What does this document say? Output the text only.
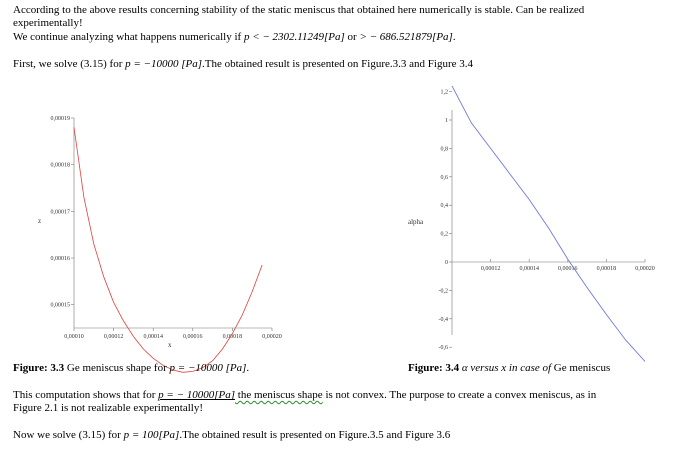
According to the above results concerning stability of the static meniscus that obtained here numerically is stable. Can be realized
experimentally!
We continue analyzing what happens numerically if p < − 2302.11249[Pa] or > − 686.521879[Pa].
First, we solve (3.15) for p = −10000 [Pa].The obtained result is presented on Figure.3.3 and Figure 3.4
z
x
0,00019
0,00018
0,00017
0,00016
0,00015
0,00010	0,00012	0,00014	0,00016	0,00018	0,00020
alpha
1,2
1
0,8
0,6
0,4
0,2
0
-0,2
-0,4
-0,6
0,00012	0,00014	0,00016	0,00018	0,00020
Figure: 3.3 Ge meniscus shape for p = −10000 [Pa].	Figure: 3.4 α versus x in case of Ge meniscus
This computation shows that for p = − 10000[Pa] the meniscus shape is not convex. The purpose to create a convex meniscus, as in
Figure 2.1 is not realizable experimentally!
Now we solve (3.15) for p = 100[Pa].The obtained result is presented on Figure.3.5 and Figure 3.6
